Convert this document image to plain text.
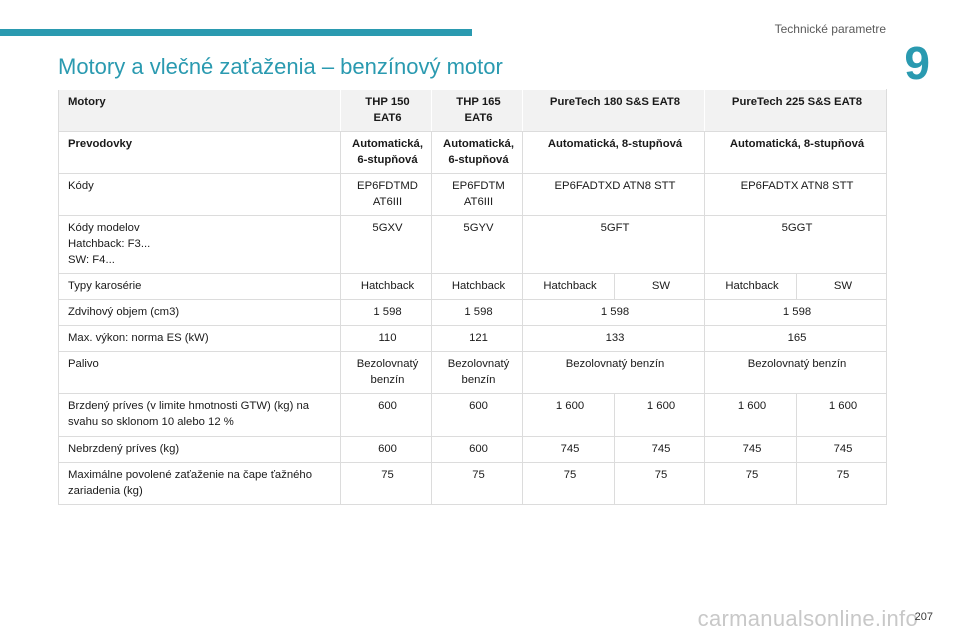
Technické parametre
9
Motory a vlečné zaťaženia – benzínový motor
Motory	THP 150 EAT6	THP 165 EAT6	PureTech 180 S&S EAT8		PureTech 225 S&S EAT8	
Prevodovky	Automatická, 6-stupňová	Automatická, 6-stupňová	Automatická, 8-stupňová		Automatická, 8-stupňová	
Kódy	EP6FDTMD AT6III	EP6FDTM AT6III	EP6FADTXD ATN8 STT		EP6FADTX ATN8 STT	

Kódy modelov
Hatchback: F3...
SW: F4...	5GXV	5GYV	5GFT		5GGT	
Typy karosérie	Hatchback	Hatchback	Hatchback	SW	Hatchback	SW
Zdvihový objem (cm3)	1 598	1 598	1 598		1 598	
Max. výkon: norma ES (kW)	110	121	133		165	
Palivo	Bezolovnatý benzín	Bezolovnatý benzín	Bezolovnatý benzín		Bezolovnatý benzín	
Brzdený príves (v limite hmotnosti GTW) (kg) na svahu so sklonom 10 alebo 12 %	600	600	1 600	1 600	1 600	1 600
Nebrzdený príves (kg)	600	600	745	745	745	745
Maximálne povolené zaťaženie na čape ťažného zariadenia (kg)	75	75	75	75	75	75
carmanualsonline.info
207
